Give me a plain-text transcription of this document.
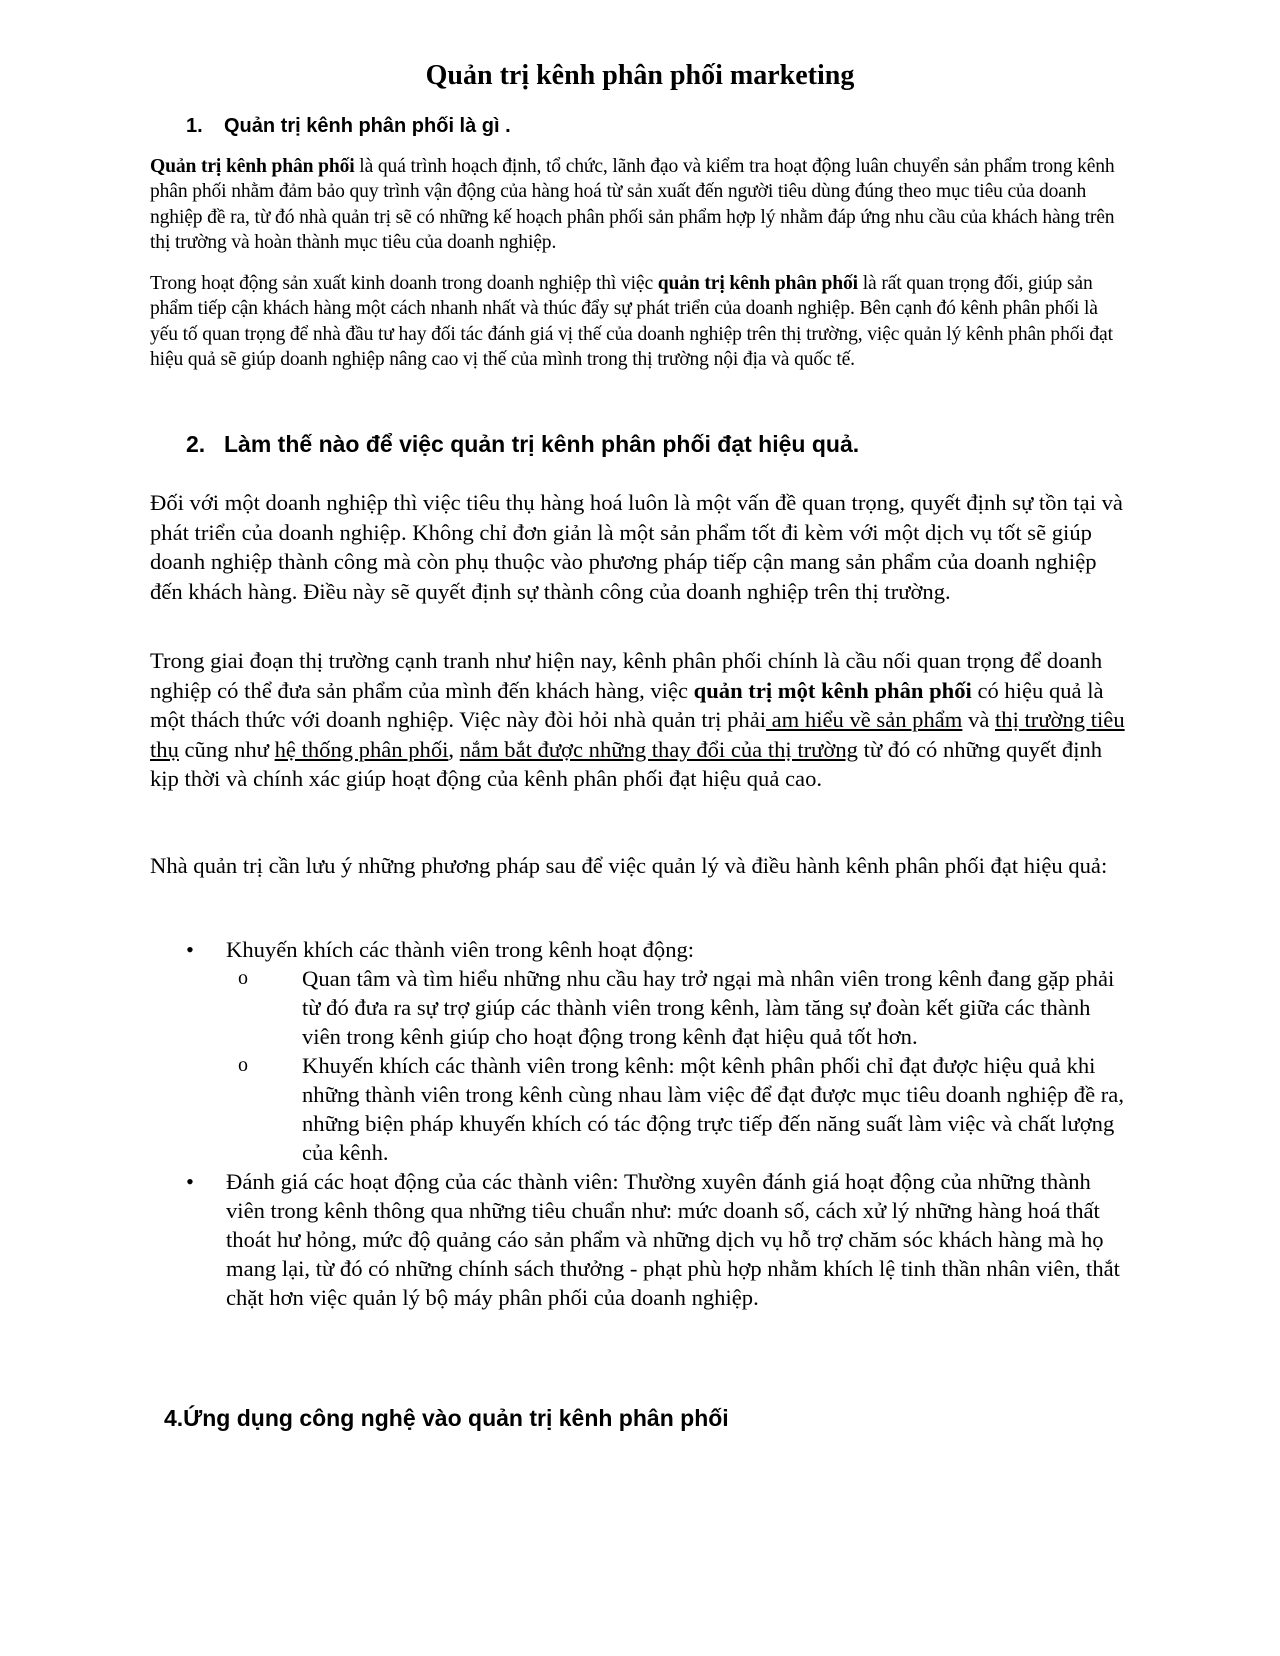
Quản trị kênh phân phối marketing
1. Quản trị kênh phân phối là gì .

Quản trị kênh phân phối là quá trình hoạch định, tổ chức, lãnh đạo và kiểm tra hoạt động luân chuyển sản phẩm trong kênh phân phối nhằm đảm bảo quy trình vận động của hàng hoá từ sản xuất đến người tiêu dùng đúng theo mục tiêu của doanh nghiệp đề ra, từ đó nhà quản trị sẽ có những kế hoạch phân phối sản phẩm hợp lý nhằm đáp ứng nhu cầu của khách hàng trên thị trường và hoàn thành mục tiêu của doanh nghiệp.

Trong hoạt động sản xuất kinh doanh trong doanh nghiệp thì việc quản trị kênh phân phối là rất quan trọng đối, giúp sản phẩm tiếp cận khách hàng một cách nhanh nhất và thúc đẩy sự phát triển của doanh nghiệp. Bên cạnh đó kênh phân phối là yếu tố quan trọng để nhà đầu tư hay đối tác đánh giá vị thế của doanh nghiệp trên thị trường, việc quản lý kênh phân phối đạt hiệu quả sẽ giúp doanh nghiệp nâng cao vị thế của mình trong thị trường nội địa và quốc tế.

2. Làm thế nào để việc quản trị kênh phân phối đạt hiệu quả.

Đối với một doanh nghiệp thì việc tiêu thụ hàng hoá luôn là một vấn đề quan trọng, quyết định sự tồn tại và phát triển của doanh nghiệp. Không chỉ đơn giản là một sản phẩm tốt đi kèm với một dịch vụ tốt sẽ giúp doanh nghiệp thành công mà còn phụ thuộc vào phương pháp tiếp cận mang sản phẩm của doanh nghiệp đến khách hàng. Điều này sẽ quyết định sự thành công của doanh nghiệp trên thị trường.

Trong giai đoạn thị trường cạnh tranh như hiện nay, kênh phân phối chính là cầu nối quan trọng để doanh nghiệp có thể đưa sản phẩm của mình đến khách hàng, việc quản trị một kênh phân phối có hiệu quả là một thách thức với doanh nghiệp. Việc này đòi hỏi nhà quản trị phải am hiểu về sản phẩm và thị trường tiêu thụ cũng như hệ thống phân phối, nắm bắt được những thay đổi của thị trường từ đó có những quyết định kịp thời và chính xác giúp hoạt động của kênh phân phối đạt hiệu quả cao.

Nhà quản trị cần lưu ý những phương pháp sau để việc quản lý và điều hành kênh phân phối đạt hiệu quả:

• Khuyến khích các thành viên trong kênh hoạt động:
o Quan tâm và tìm hiểu những nhu cầu hay trở ngại mà nhân viên trong kênh đang gặp phải từ đó đưa ra sự trợ giúp các thành viên trong kênh, làm tăng sự đoàn kết giữa các thành viên trong kênh giúp cho hoạt động trong kênh đạt hiệu quả tốt hơn.
o Khuyến khích các thành viên trong kênh: một kênh phân phối chỉ đạt được hiệu quả khi những thành viên trong kênh cùng nhau làm việc để đạt được mục tiêu doanh nghiệp đề ra, những biện pháp khuyến khích có tác động trực tiếp đến năng suất làm việc và chất lượng của kênh.
• Đánh giá các hoạt động của các thành viên: Thường xuyên đánh giá hoạt động của những thành viên trong kênh thông qua những tiêu chuẩn như: mức doanh số, cách xử lý những hàng hoá thất thoát hư hỏng, mức độ quảng cáo sản phẩm và những dịch vụ hỗ trợ chăm sóc khách hàng mà họ mang lại, từ đó có những chính sách thưởng - phạt phù hợp nhằm khích lệ tinh thần nhân viên, thắt chặt hơn việc quản lý bộ máy phân phối của doanh nghiệp.
4.Ứng dụng công nghệ vào quản trị kênh phân phối
